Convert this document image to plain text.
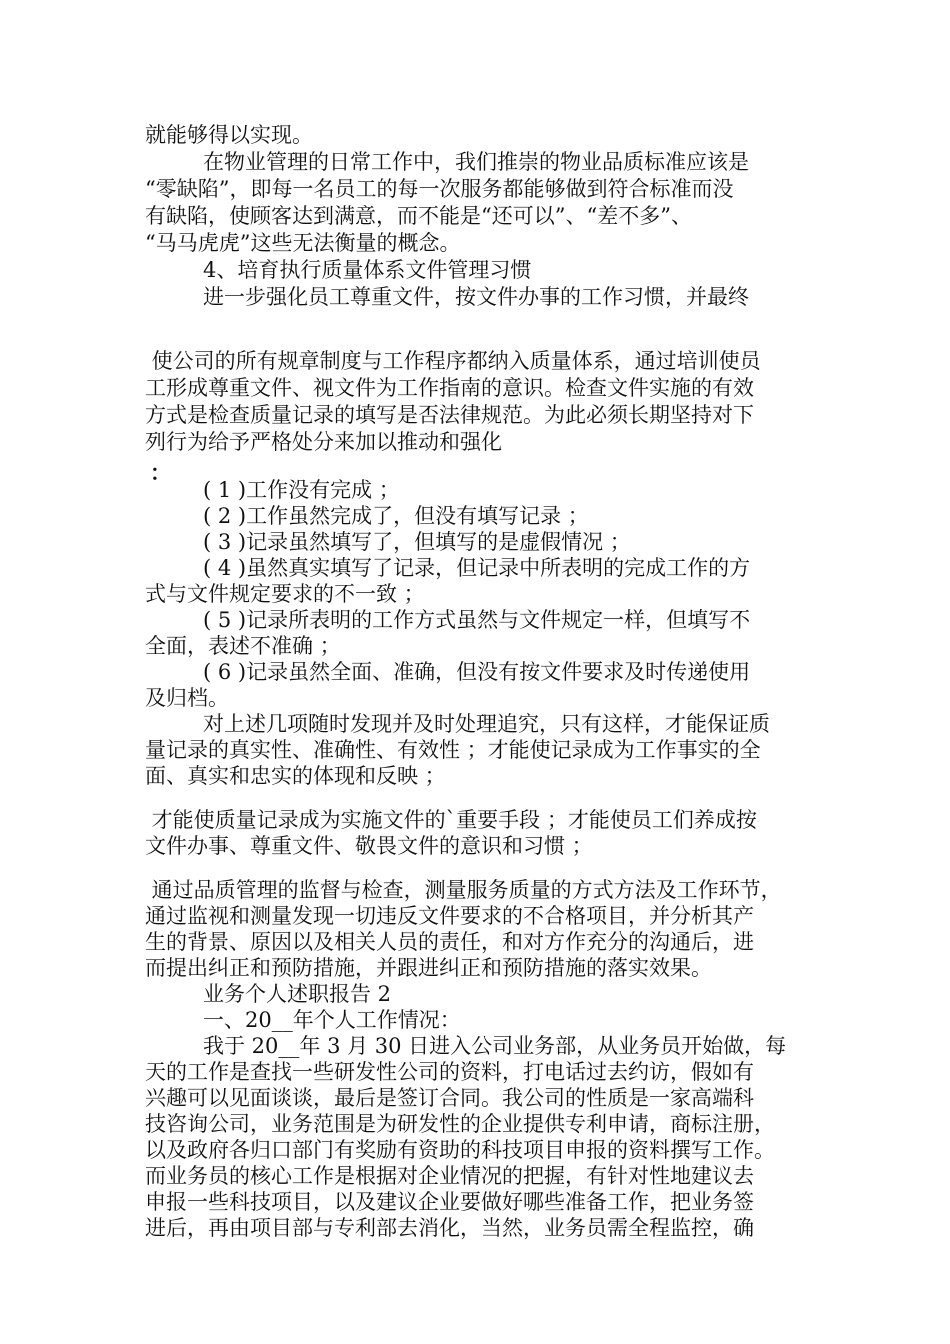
就能够得以实现。
在物业管理的日常工作中，我们推崇的物业品质标准应该是
“零缺陷”，即每一名员工的每一次服务都能够做到符合标准而没
有缺陷，使顾客达到满意，而不能是“还可以”、“差不多”、
“马马虎虎”这些无法衡量的概念。
4、培育执行质量体系文件管理习惯
进一步强化员工尊重文件，按文件办事的工作习惯，并最终
使公司的所有规章制度与工作程序都纳入质量体系，通过培训使员
工形成尊重文件、视文件为工作指南的意识。检查文件实施的有效
方式是检查质量记录的填写是否法律规范。为此必须长期坚持对下
列行为给予严格处分来加以推动和强化
：
( 1 )工作没有完成 ；
( 2 )工作虽然完成了，但没有填写记录 ；
( 3 )记录虽然填写了，但填写的是虚假情况 ；
( 4 )虽然真实填写了记录，但记录中所表明的完成工作的方
式与文件规定要求的不一致 ；
( 5 )记录所表明的工作方式虽然与文件规定一样，但填写不
全面，表述不准确 ；
( 6 )记录虽然全面、准确，但没有按文件要求及时传递使用
及归档。
对上述几项随时发现并及时处理追究，只有这样，才能保证质
量记录的真实性、准确性、有效性 ；才能使记录成为工作事实的全
面、真实和忠实的体现和反映 ；
才能使质量记录成为实施文件的`重要手段 ；才能使员工们养成按
文件办事、尊重文件、敬畏文件的意识和习惯 ；
通过品质管理的监督与检查，测量服务质量的方式方法及工作环节，
通过监视和测量发现一切违反文件要求的不合格项目，并分析其产
生的背景、原因以及相关人员的责任，和对方作充分的沟通后，进
而提出纠正和预防措施，并跟进纠正和预防措施的落实效果。
业务个人述职报告 2
一、20__年个人工作情况：
我于 20__年 3 月 30 日进入公司业务部，从业务员开始做，每
天的工作是查找一些研发性公司的资料，打电话过去约访，假如有
兴趣可以见面谈谈，最后是签订合同。我公司的性质是一家高端科
技咨询公司，业务范围是为研发性的企业提供专利申请，商标注册，
以及政府各归口部门有奖励有资助的科技项目申报的资料撰写工作。
而业务员的核心工作是根据对企业情况的把握，有针对性地建议去
申报一些科技项目，以及建议企业要做好哪些准备工作，把业务签
进后，再由项目部与专利部去消化，当然，业务员需全程监控，确
